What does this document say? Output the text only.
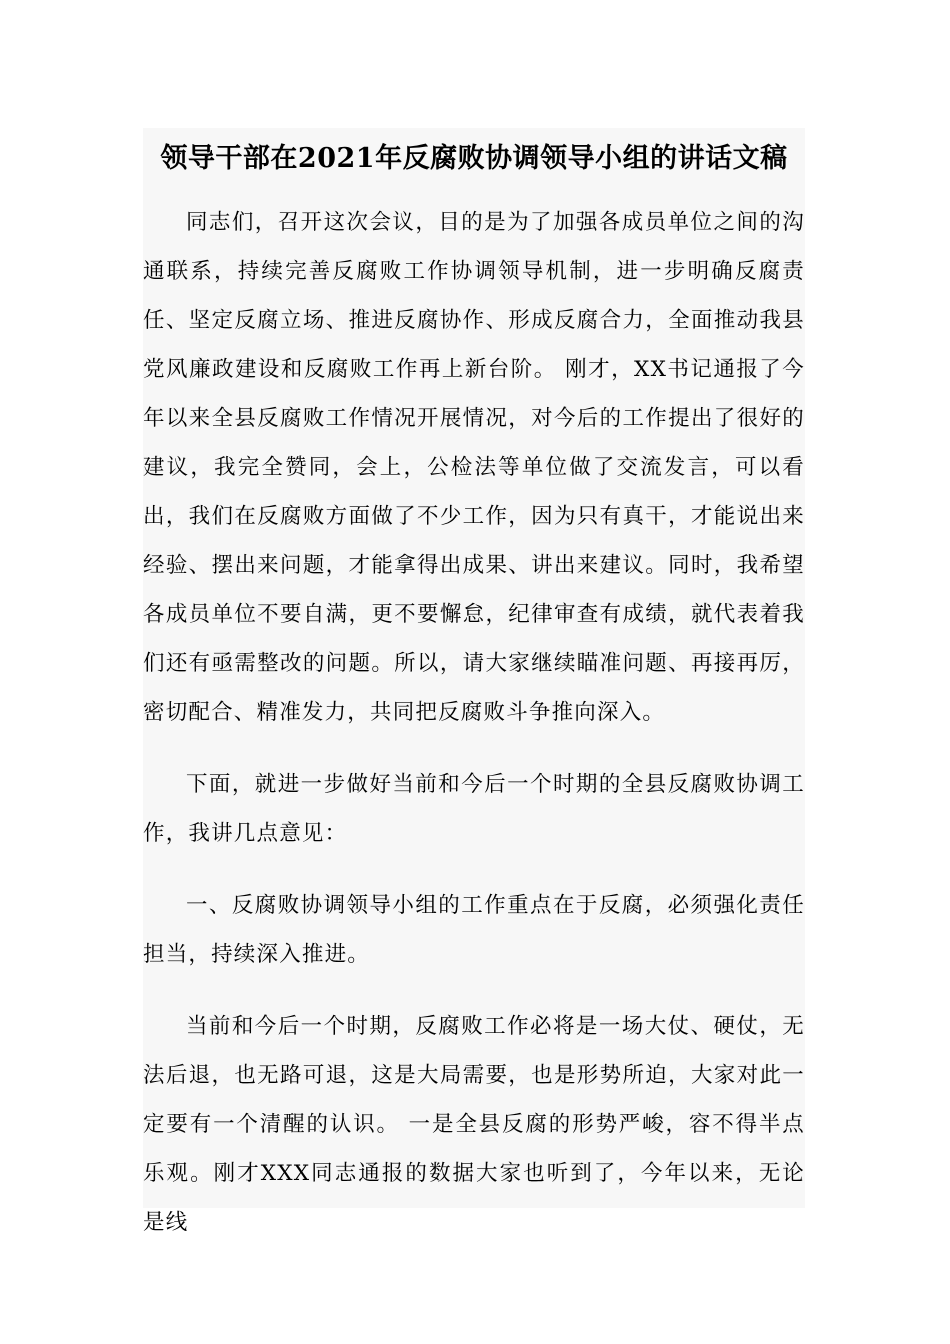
领导干部在2021年反腐败协调领导小组的讲话文稿

同志们，召开这次会议，目的是为了加强各成员单位之间的沟通联系，持续完善反腐败工作协调领导机制，进一步明确反腐责任、坚定反腐立场、推进反腐协作、形成反腐合力，全面推动我县党风廉政建设和反腐败工作再上新台阶。 刚才，XX书记通报了今年以来全县反腐败工作情况开展情况，对今后的工作提出了很好的建议，我完全赞同，会上，公检法等单位做了交流发言，可以看出，我们在反腐败方面做了不少工作，因为只有真干，才能说出来经验、摆出来问题，才能拿得出成果、讲出来建议。同时，我希望各成员单位不要自满，更不要懈怠，纪律审查有成绩，就代表着我们还有亟需整改的问题。所以，请大家继续瞄准问题、再接再厉，密切配合、精准发力，共同把反腐败斗争推向深入。

下面，就进一步做好当前和今后一个时期的全县反腐败协调工作，我讲几点意见：

一、反腐败协调领导小组的工作重点在于反腐，必须强化责任担当，持续深入推进。

当前和今后一个时期，反腐败工作必将是一场大仗、硬仗，无法后退，也无路可退，这是大局需要，也是形势所迫，大家对此一定要有一个清醒的认识。 一是全县反腐的形势严峻，容不得半点乐观。刚才XXX同志通报的数据大家也听到了，今年以来，无论是线
